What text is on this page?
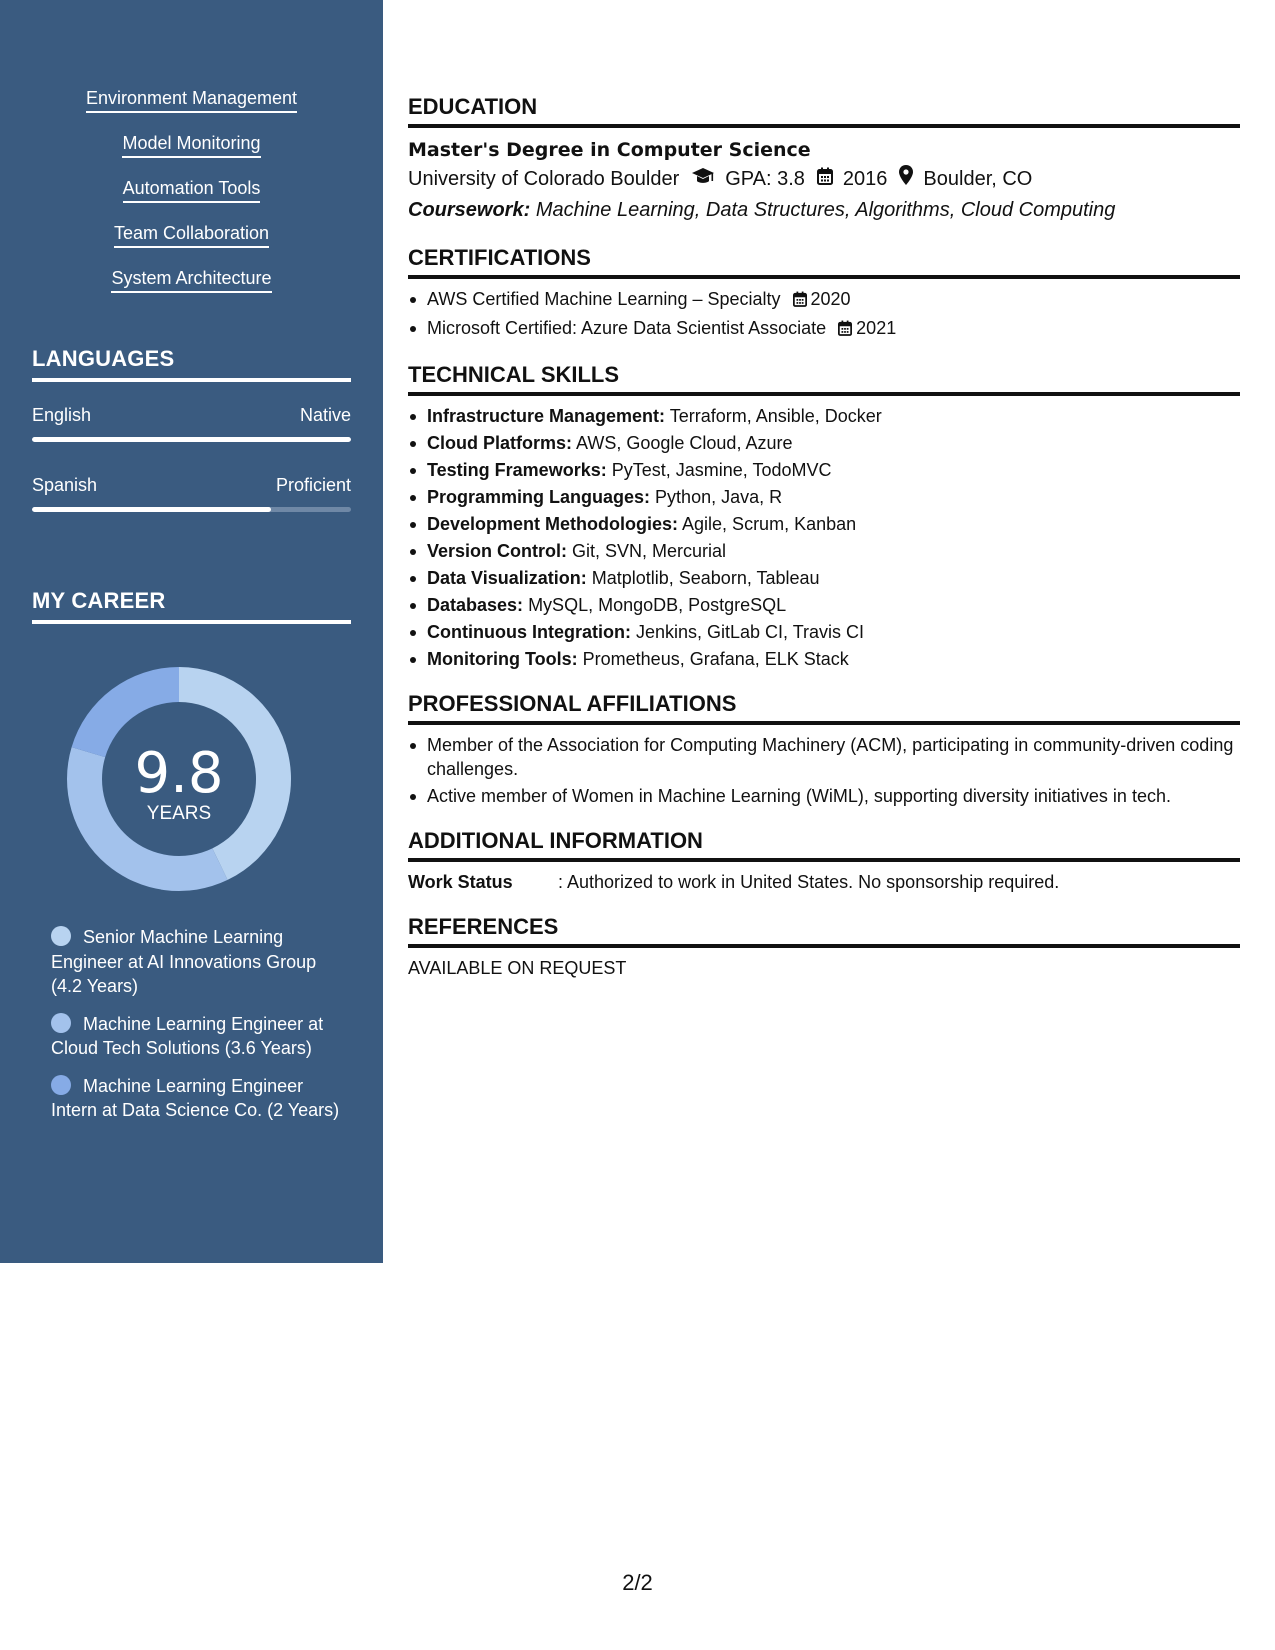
Environment Management
Model Monitoring
Automation Tools
Team Collaboration
System Architecture
LANGUAGES
English	Native
Spanish	Proficient
MY CAREER
9.8
YEARS
Senior Machine Learning Engineer at AI Innovations Group (4.2 Years)
Machine Learning Engineer at Cloud Tech Solutions (3.6 Years)
Machine Learning Engineer Intern at Data Science Co. (2 Years)
EDUCATION
Master's Degree in Computer Science
University of Colorado Boulder GPA: 3.8 2016 Boulder, CO
Coursework: Machine Learning, Data Structures, Algorithms, Cloud Computing
CERTIFICATIONS
AWS Certified Machine Learning – Specialty 2020
Microsoft Certified: Azure Data Scientist Associate 2021
TECHNICAL SKILLS
Infrastructure Management: Terraform, Ansible, Docker
Cloud Platforms: AWS, Google Cloud, Azure
Testing Frameworks: PyTest, Jasmine, TodoMVC
Programming Languages: Python, Java, R
Development Methodologies: Agile, Scrum, Kanban
Version Control: Git, SVN, Mercurial
Data Visualization: Matplotlib, Seaborn, Tableau
Databases: MySQL, MongoDB, PostgreSQL
Continuous Integration: Jenkins, GitLab CI, Travis CI
Monitoring Tools: Prometheus, Grafana, ELK Stack
PROFESSIONAL AFFILIATIONS
Member of the Association for Computing Machinery (ACM), participating in community-driven coding challenges.
Active member of Women in Machine Learning (WiML), supporting diversity initiatives in tech.
ADDITIONAL INFORMATION
Work Status	: Authorized to work in United States. No sponsorship required.
REFERENCES
AVAILABLE ON REQUEST
2/2
